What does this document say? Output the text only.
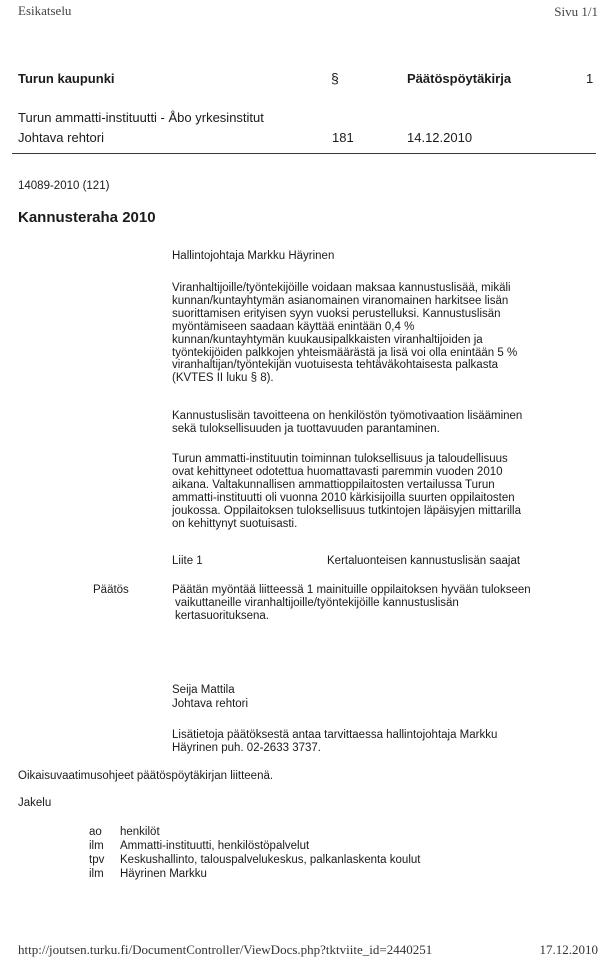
Esikatselu	Sivu 1/1
Turun kaupunki	§	Päätöspöytäkirja	1
Turun ammatti-instituutti - Åbo yrkesinstitut
Johtava rehtori	181	14.12.2010
14089-2010 (121)
Kannusteraha 2010
Hallintojohtaja Markku Häyrinen
Viranhaltijoille/työntekijöille voidaan maksaa kannustuslisää, mikäli
kunnan/kuntayhtymän asianomainen viranomainen harkitsee lisän
suorittamisen erityisen syyn vuoksi perustelluksi. Kannustuslisän
myöntämiseen saadaan käyttää enintään 0,4 %
kunnan/kuntayhtymän kuukausipalkkaisten viranhaltijoiden ja
työntekijöiden palkkojen yhteismäärästä ja lisä voi olla enintään 5 %
viranhaltijan/työntekijän vuotuisesta tehtäväkohtaisesta palkasta
(KVTES II luku § 8).
Kannustuslisän tavoitteena on henkilöstön työmotivaation lisääminen
sekä tuloksellisuuden ja tuottavuuden parantaminen.
Turun ammatti-instituutin toiminnan tuloksellisuus ja taloudellisuus
ovat kehittyneet odotettua huomattavasti paremmin vuoden 2010
aikana. Valtakunnallisen ammattioppilaitosten vertailussa Turun
ammatti-instituutti oli vuonna 2010 kärkisijoilla suurten oppilaitosten
joukossa. Oppilaitoksen tuloksellisuus tutkintojen läpäisyjen mittarilla
on kehittynyt suotuisasti.
Liite 1	Kertaluonteisen kannustuslisän saajat
Päätös	Päätän myöntää liitteessä 1 mainituille oppilaitoksen hyvään tulokseen
vaikuttaneille viranhaltijoille/työntekijöille kannustuslisän
kertasuorituksena.
Seija Mattila
Johtava rehtori
Lisätietoja päätöksestä antaa tarvittaessa hallintojohtaja Markku
Häyrinen puh. 02-2633 3737.
Oikaisuvaatimusohjeet päätöspöytäkirjan liitteenä.
Jakelu
ao henkilöt
ilm Ammatti-instituutti, henkilöstöpalvelut
tpv Keskushallinto, talouspalvelukeskus, palkanlaskenta koulut
ilm Häyrinen Markku
http://joutsen.turku.fi/DocumentController/ViewDocs.php?tktviite_id=2440251	17.12.2010
